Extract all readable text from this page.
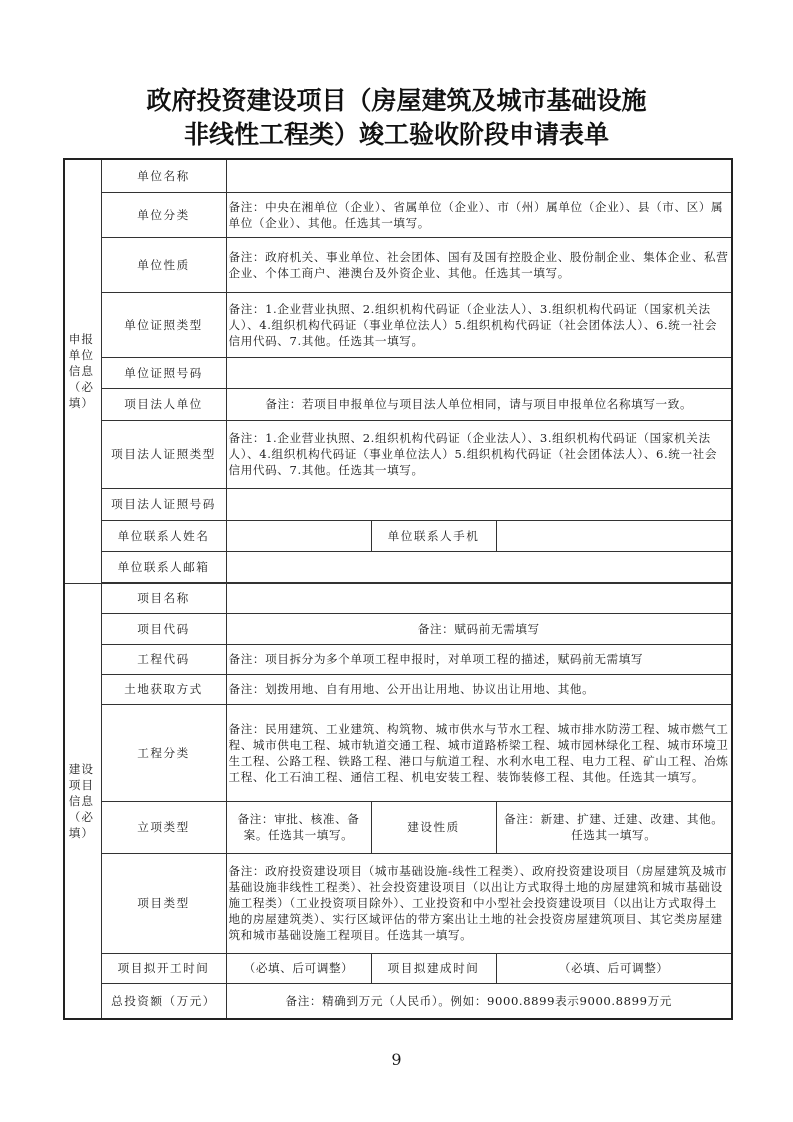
政府投资建设项目（房屋建筑及城市基础设施
非线性工程类）竣工验收阶段申请表单
申报单位信息（必填）	单位名称			
	单位分类	备注：中央在湘单位（企业）、省属单位（企业）、市（州）属单位（企业）、县（市、区）属单位（企业）、其他。任选其一填写。		
	单位性质	备注：政府机关、事业单位、社会团体、国有及国有控股企业、股份制企业、集体企业、私营企业、个体工商户、港澳台及外资企业、其他。任选其一填写。		
	单位证照类型	备注：1.企业营业执照、2.组织机构代码证（企业法人）、3.组织机构代码证（国家机关法人）、4.组织机构代码证（事业单位法人）5.组织机构代码证（社会团体法人）、6.统一社会信用代码、7.其他。任选其一填写。		
	单位证照号码			
	项目法人单位	备注：若项目申报单位与项目法人单位相同，请与项目申报单位名称填写一致。		
	项目法人证照类型	备注：1.企业营业执照、2.组织机构代码证（企业法人）、3.组织机构代码证（国家机关法人）、4.组织机构代码证（事业单位法人）5.组织机构代码证（社会团体法人）、6.统一社会信用代码、7.其他。任选其一填写。		
	项目法人证照号码			
	单位联系人姓名		单位联系人手机	
	单位联系人邮箱			

建设项目信息（必填）	项目名称			
	项目代码	备注：赋码前无需填写		
	工程代码	备注：项目拆分为多个单项工程申报时，对单项工程的描述，赋码前无需填写		
	土地获取方式	备注：划拨用地、自有用地、公开出让用地、协议出让用地、其他。		
	工程分类	备注：民用建筑、工业建筑、构筑物、城市供水与节水工程、城市排水防涝工程、城市燃气工程、城市供电工程、城市轨道交通工程、城市道路桥梁工程、城市园林绿化工程、城市环境卫生工程、公路工程、铁路工程、港口与航道工程、水利水电工程、电力工程、矿山工程、冶炼工程、化工石油工程、通信工程、机电安装工程、装饰装修工程、其他。任选其一填写。		
	立项类型	备注：审批、核准、备案。任选其一填写。	建设性质	备注：新建、扩建、迁建、改建、其他。任选其一填写。
	项目类型	备注：政府投资建设项目（城市基础设施-线性工程类）、政府投资建设项目（房屋建筑及城市基础设施非线性工程类）、社会投资建设项目（以出让方式取得土地的房屋建筑和城市基础设施工程类）（工业投资项目除外）、工业投资和中小型社会投资建设项目（以出让方式取得土地的房屋建筑类）、实行区域评估的带方案出让土地的社会投资房屋建筑项目、其它类房屋建筑和城市基础设施工程项目。任选其一填写。		
	项目拟开工时间	（必填、后可调整）	项目拟建成时间	（必填、后可调整）
	总投资额（万元）	备注：精确到万元（人民币）。例如：9000.8899表示9000.8899万元		
9
